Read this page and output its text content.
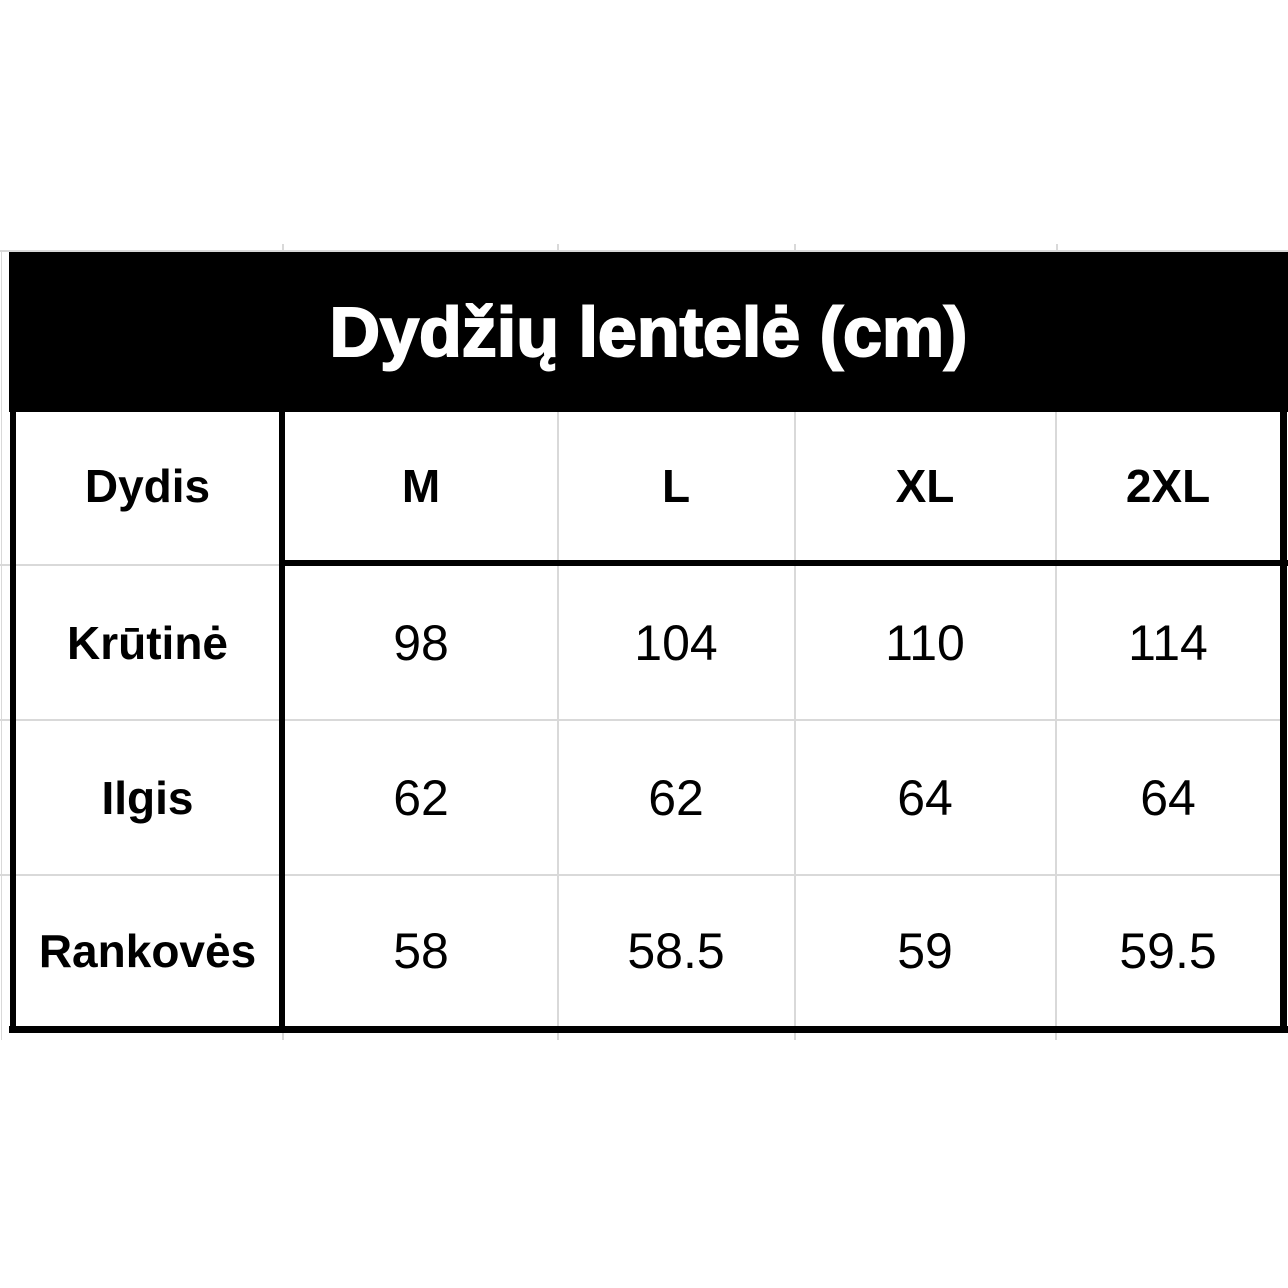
Dydžių lentelė (cm)
Dydis	M	L	XL	2XL
Krūtinė	98	104	110	114
Ilgis	62	62	64	64
Rankovės	58	58.5	59	59.5
